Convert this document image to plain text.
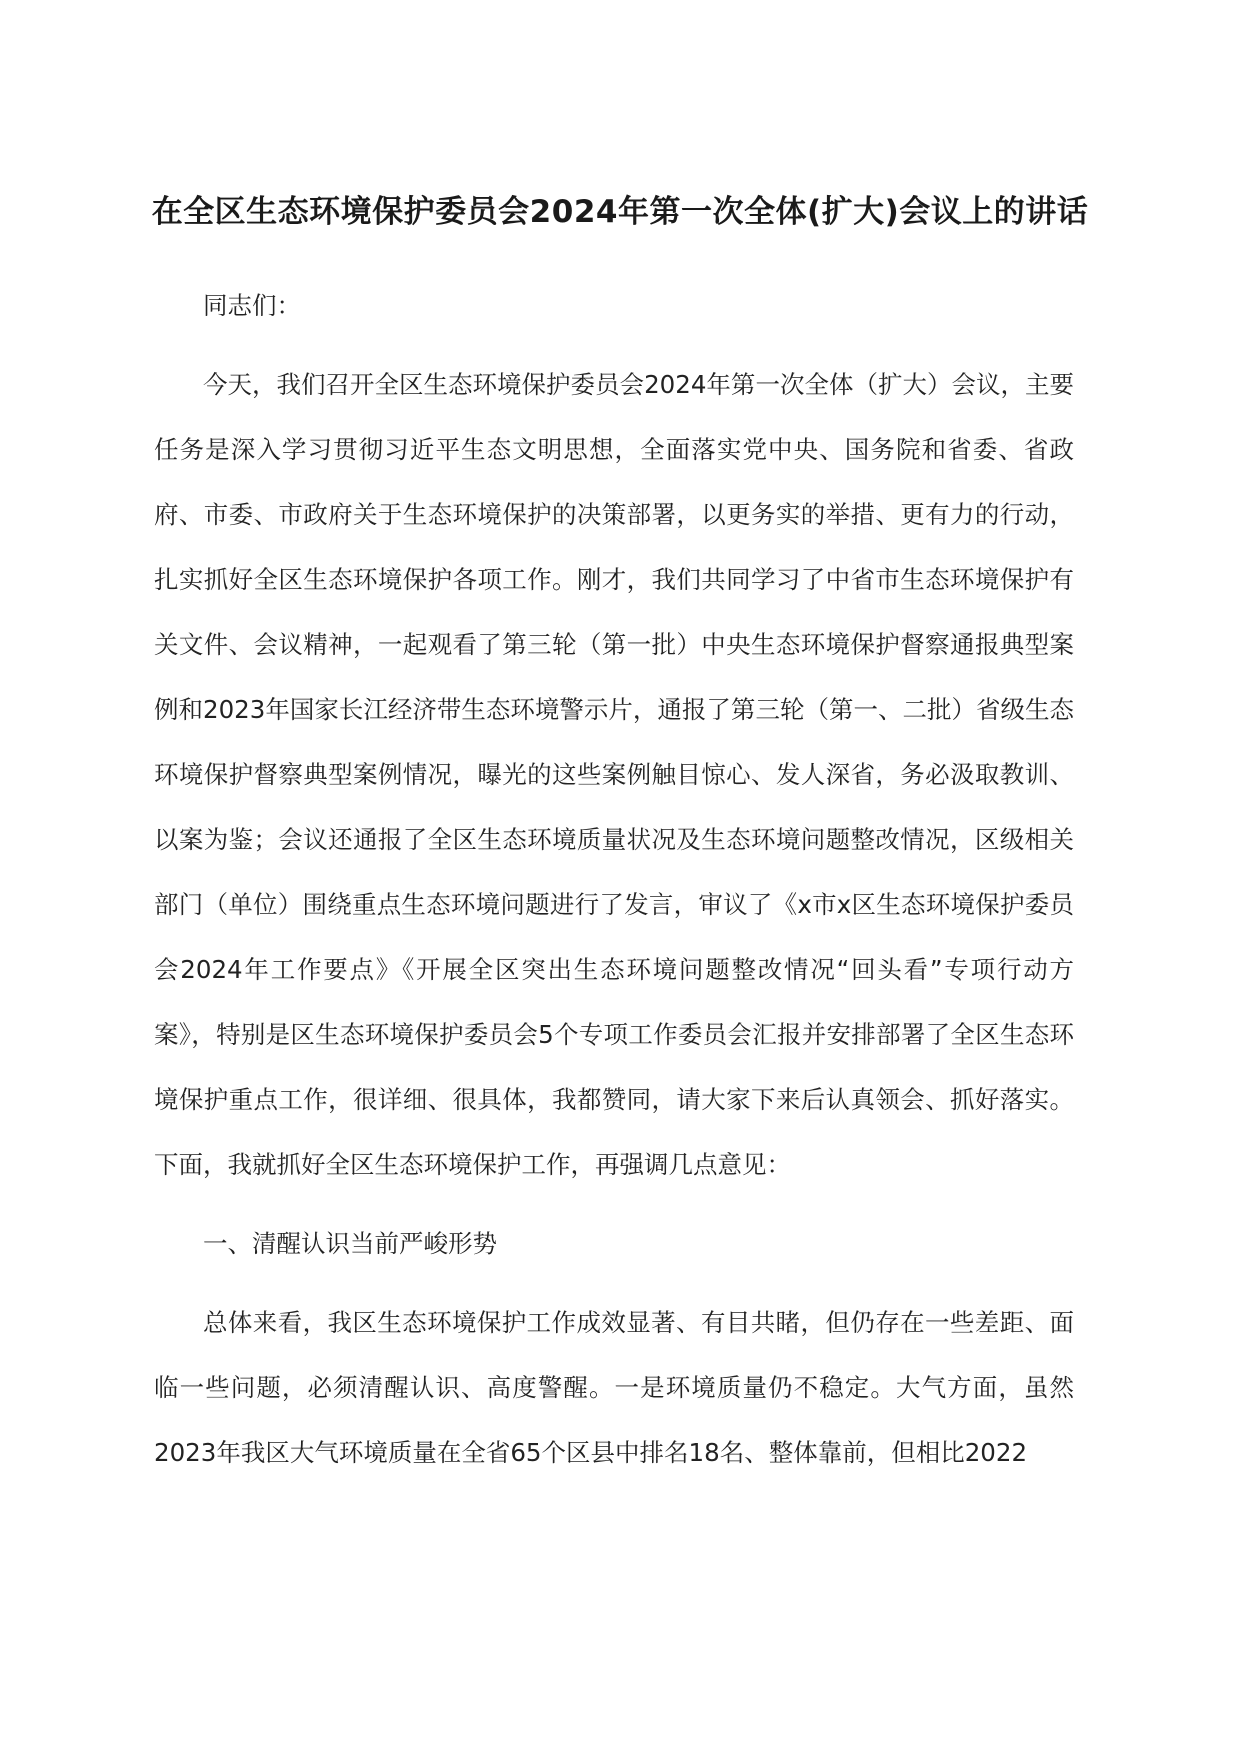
在全区生态环境保护委员会2024年第一次全体(扩大)会议上的讲话

同志们：

今天，我们召开全区生态环境保护委员会2024年第一次全体（扩大）会议，主要任务是深入学习贯彻习近平生态文明思想，全面落实党中央、国务院和省委、省政府、市委、市政府关于生态环境保护的决策部署，以更务实的举措、更有力的行动，扎实抓好全区生态环境保护各项工作。刚才，我们共同学习了中省市生态环境保护有关文件、会议精神，一起观看了第三轮（第一批）中央生态环境保护督察通报典型案例和2023年国家长江经济带生态环境警示片，通报了第三轮（第一、二批）省级生态环境保护督察典型案例情况，曝光的这些案例触目惊心、发人深省，务必汲取教训、以案为鉴；会议还通报了全区生态环境质量状况及生态环境问题整改情况，区级相关部门（单位）围绕重点生态环境问题进行了发言，审议了《x市x区生态环境保护委员会2024年工作要点》《开展全区突出生态环境问题整改情况“回头看”专项行动方案》，特别是区生态环境保护委员会5个专项工作委员会汇报并安排部署了全区生态环境保护重点工作，很详细、很具体，我都赞同，请大家下来后认真领会、抓好落实。下面，我就抓好全区生态环境保护工作，再强调几点意见：

一、清醒认识当前严峻形势

总体来看，我区生态环境保护工作成效显著、有目共睹，但仍存在一些差距、面临一些问题，必须清醒认识、高度警醒。一是环境质量仍不稳定。大气方面，虽然2023年我区大气环境质量在全省65个区县中排名18名、整体靠前，但相比2022
